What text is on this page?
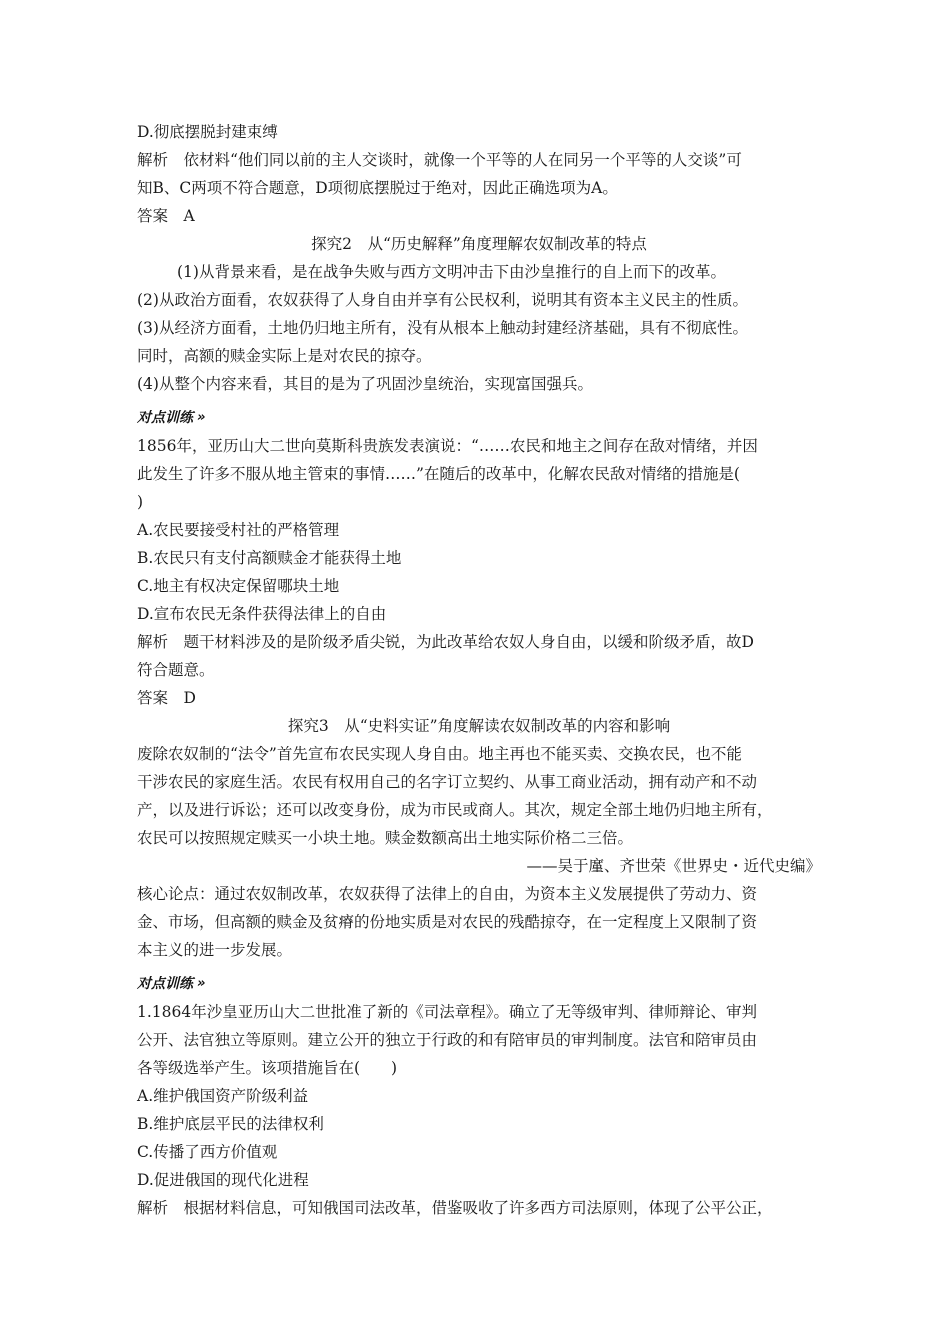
D.彻底摆脱封建束缚
解析　依材料“他们同以前的主人交谈时，就像一个平等的人在同另一个平等的人交谈”可
知B、C两项不符合题意，D项彻底摆脱过于绝对，因此正确选项为A。
答案　A
探究2　从“历史解释”角度理解农奴制改革的特点
(1)从背景来看，是在战争失败与西方文明冲击下由沙皇推行的自上而下的改革。
(2)从政治方面看，农奴获得了人身自由并享有公民权利，说明其有资本主义民主的性质。
(3)从经济方面看，土地仍归地主所有，没有从根本上触动封建经济基础，具有不彻底性。
同时，高额的赎金实际上是对农民的掠夺。
(4)从整个内容来看，其目的是为了巩固沙皇统治，实现富国强兵。
对点训练 »
1856年，亚历山大二世向莫斯科贵族发表演说：“……农民和地主之间存在敌对情绪，并因
此发生了许多不服从地主管束的事情……”在随后的改革中，化解农民敌对情绪的措施是(
)
A.农民要接受村社的严格管理
B.农民只有支付高额赎金才能获得土地
C.地主有权决定保留哪块土地
D.宣布农民无条件获得法律上的自由
解析　题干材料涉及的是阶级矛盾尖锐，为此改革给农奴人身自由，以缓和阶级矛盾，故D
符合题意。
答案　D
探究3　从“史料实证”角度解读农奴制改革的内容和影响
废除农奴制的“法令”首先宣布农民实现人身自由。地主再也不能买卖、交换农民，也不能
干涉农民的家庭生活。农民有权用自己的名字订立契约、从事工商业活动，拥有动产和不动
产，以及进行诉讼；还可以改变身份，成为市民或商人。其次，规定全部土地仍归地主所有，
农民可以按照规定赎买一小块土地。赎金数额高出土地实际价格二三倍。
——吴于廑、齐世荣《世界史・近代史编》
核心论点：通过农奴制改革，农奴获得了法律上的自由，为资本主义发展提供了劳动力、资
金、市场，但高额的赎金及贫瘠的份地实质是对农民的残酷掠夺，在一定程度上又限制了资
本主义的进一步发展。
对点训练 »
1.1864年沙皇亚历山大二世批准了新的《司法章程》。确立了无等级审判、律师辩论、审判
公开、法官独立等原则。建立公开的独立于行政的和有陪审员的审判制度。法官和陪审员由
各等级选举产生。该项措施旨在(　　)
A.维护俄国资产阶级利益
B.维护底层平民的法律权利
C.传播了西方价值观
D.促进俄国的现代化进程
解析　根据材料信息，可知俄国司法改革，借鉴吸收了许多西方司法原则，体现了公平公正，
